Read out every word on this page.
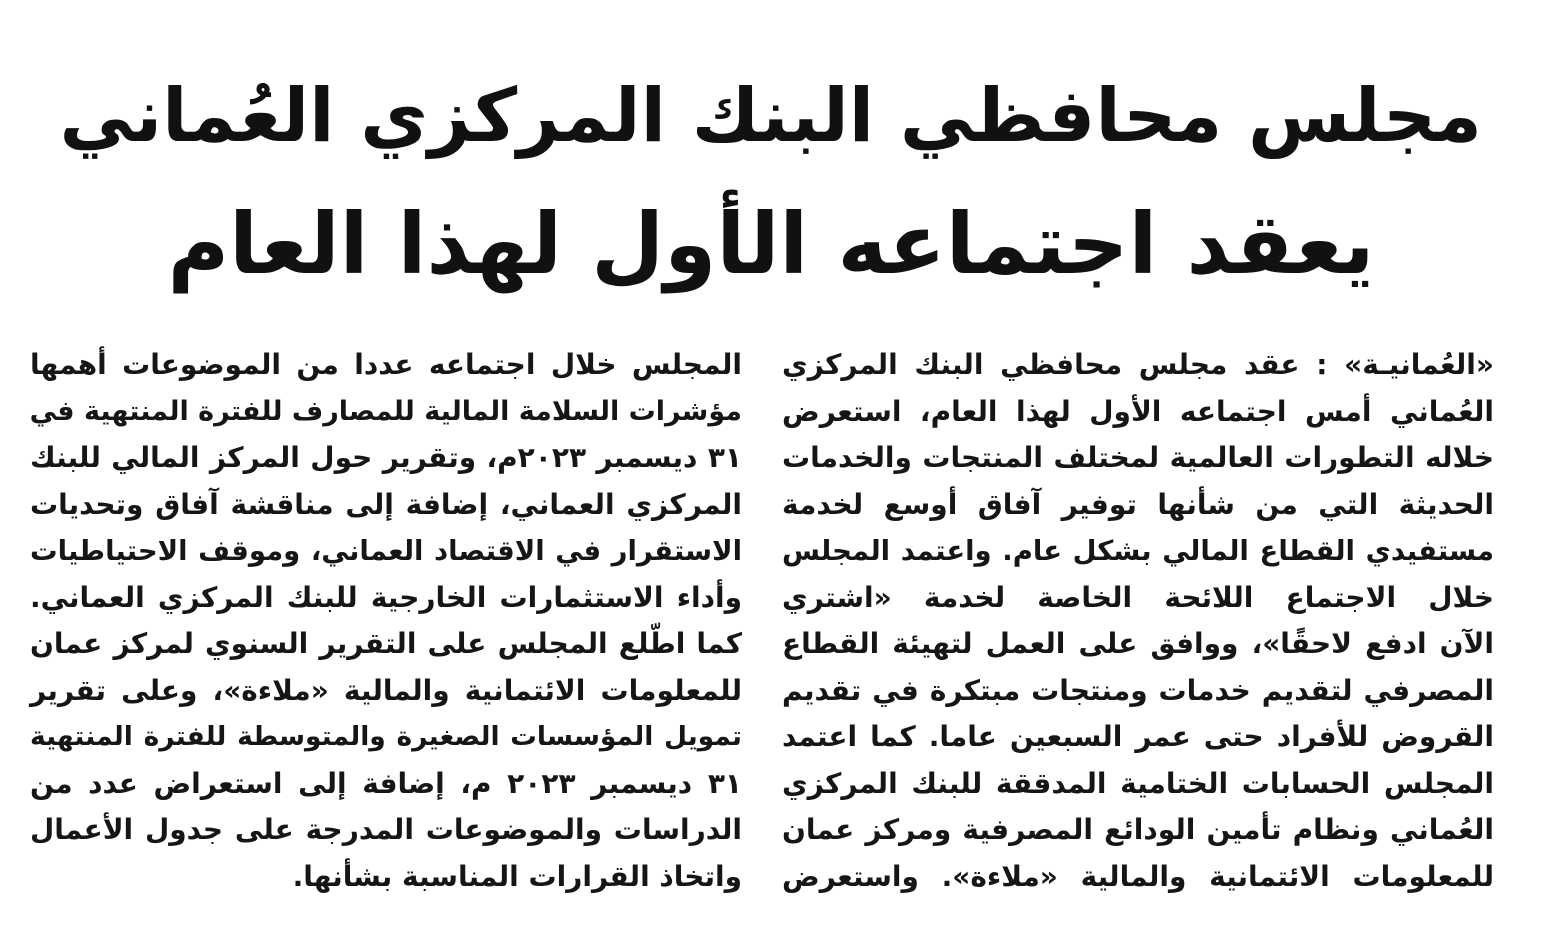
مجلس محافظي البنك المركزي العُماني
يعقد اجتماعه الأول لهذا العام
«العُمانيـة» : عقد مجلس محافظي البنك المركزي
العُماني أمس اجتماعه الأول لهذا العام، استعرض
خلاله التطورات العالمية لمختلف المنتجات والخدمات
الحديثة التي من شأنها توفير آفاق أوسع لخدمة
مستفيدي القطاع المالي بشكل عام. واعتمد المجلس
خلال الاجتماع اللائحة الخاصة لخدمة «اشتري
الآن ادفع لاحقًا»، ووافق على العمل لتهيئة القطاع
المصرفي لتقديم خدمات ومنتجات مبتكرة في تقديم
القروض للأفراد حتى عمر السبعين عاما. كما اعتمد
المجلس الحسابات الختامية المدققة للبنك المركزي
العُماني ونظام تأمين الودائع المصرفية ومركز عمان
للمعلومات الائتمانية والمالية «ملاءة». واستعرض
المجلس خلال اجتماعه عددا من الموضوعات أهمها
مؤشرات السلامة المالية للمصارف للفترة المنتهية في
٣١ ديسمبر ٢٠٢٣م، وتقرير حول المركز المالي للبنك
المركزي العماني، إضافة إلى مناقشة آفاق وتحديات
الاستقرار في الاقتصاد العماني، وموقف الاحتياطيات
وأداء الاستثمارات الخارجية للبنك المركزي العماني.
كما اطّلع المجلس على التقرير السنوي لمركز عمان
للمعلومات الائتمانية والمالية «ملاءة»، وعلى تقرير
تمويل المؤسسات الصغيرة والمتوسطة للفترة المنتهية
٣١ ديسمبر ٢٠٢٣ م، إضافة إلى استعراض عدد من
الدراسات والموضوعات المدرجة على جدول الأعمال
واتخاذ القرارات المناسبة بشأنها.
